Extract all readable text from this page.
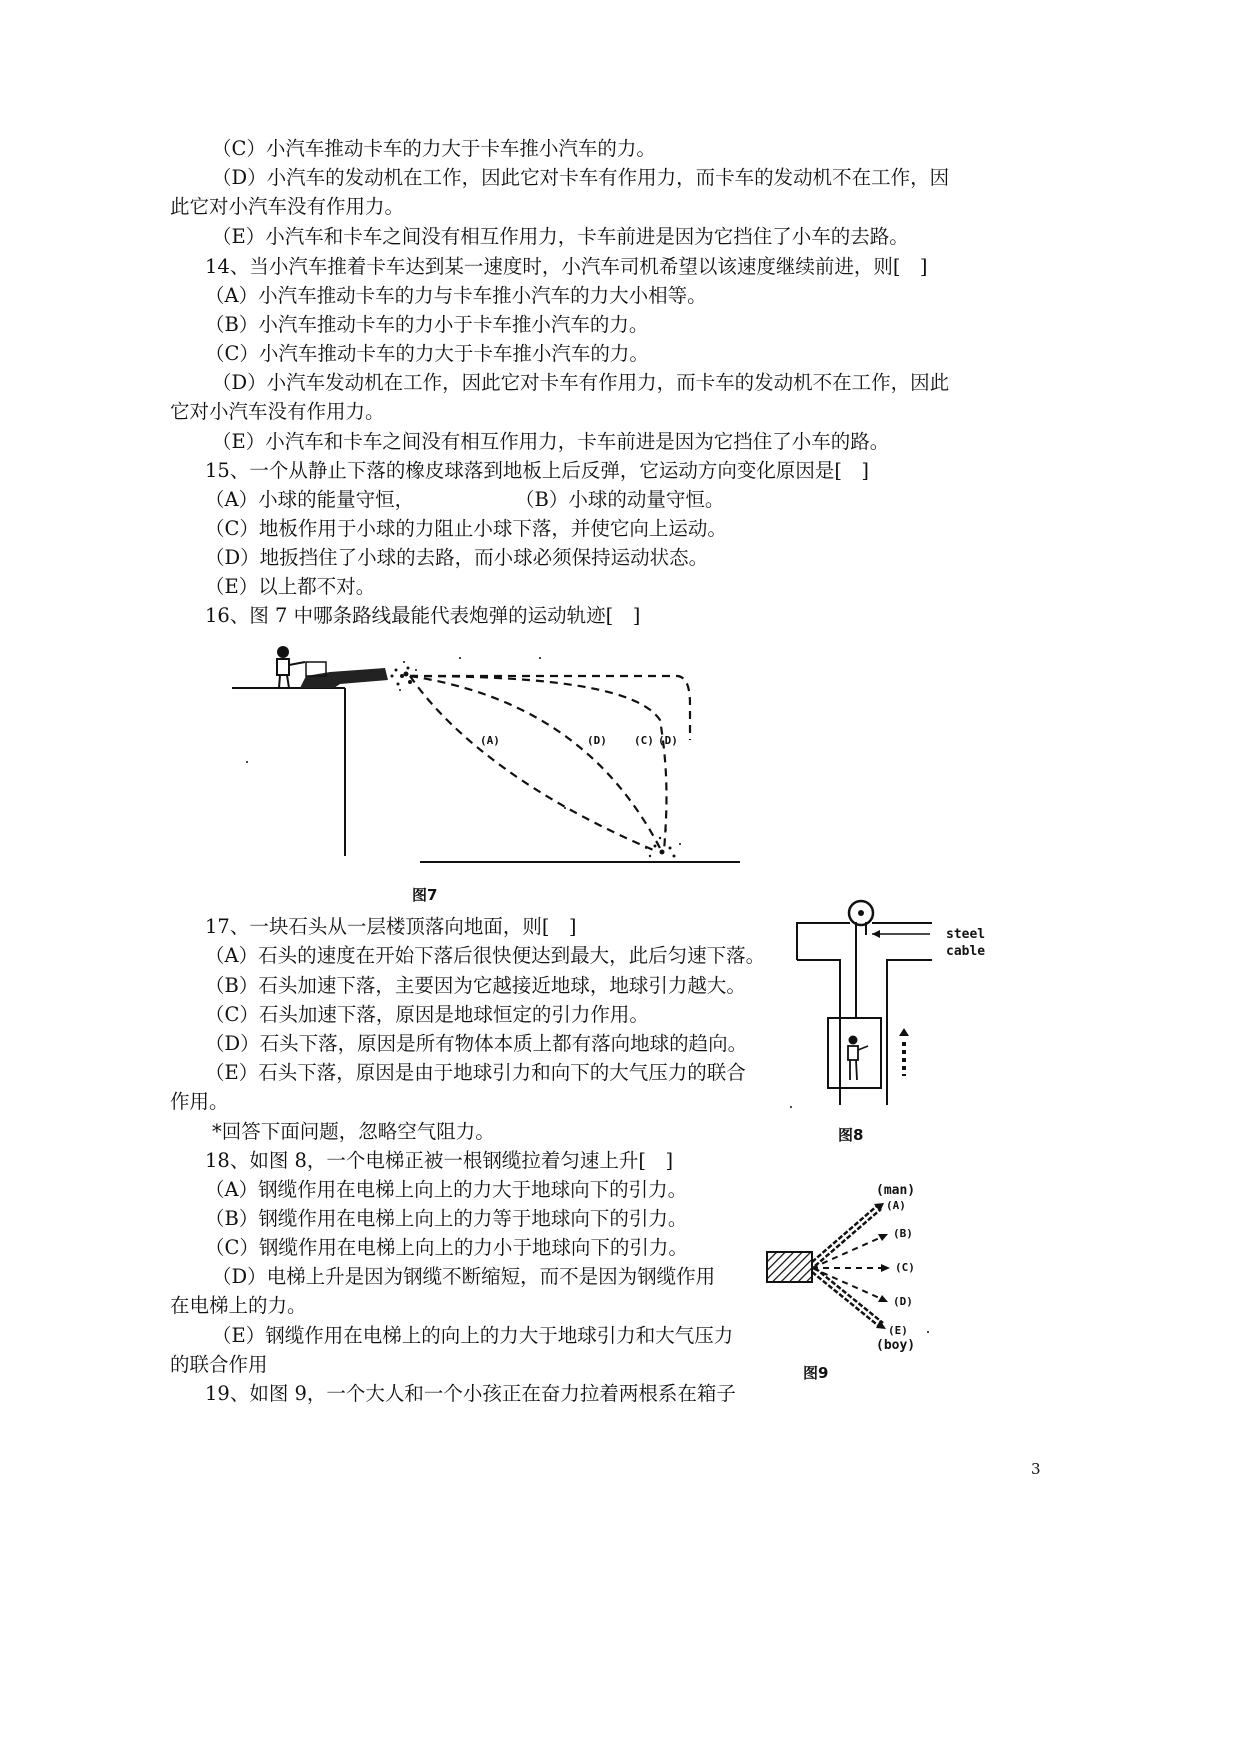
（C）小汽车推动卡车的力大于卡车推小汽车的力。
（D）小汽车的发动机在工作，因此它对卡车有作用力，而卡车的发动机不在工作，因
此它对小汽车没有作用力。
（E）小汽车和卡车之间没有相互作用力，卡车前进是因为它挡住了小车的去路。
14、当小汽车推着卡车达到某一速度时，小汽车司机希望以该速度继续前进，则[　]
（A）小汽车推动卡车的力与卡车推小汽车的力大小相等。
（B）小汽车推动卡车的力小于卡车推小汽车的力。
（C）小汽车推动卡车的力大于卡车推小汽车的力。
（D）小汽车发动机在工作，因此它对卡车有作用力，而卡车的发动机不在工作，因此
它对小汽车没有作用力。
（E）小汽车和卡车之间没有相互作用力，卡车前进是因为它挡住了小车的路。
15、一个从静止下落的橡皮球落到地板上后反弹，它运动方向变化原因是[　]
（A）小球的能量守恒，	（B）小球的动量守恒。
（C）地板作用于小球的力阻止小球下落，并使它向上运动。
（D）地扳挡住了小球的去路，而小球必须保持运动状态。
（E）以上都不对。
16、图 7 中哪条路线最能代表炮弹的运动轨迹[　]
17、一块石头从一层楼顶落向地面，则[　]
（A）石头的速度在开始下落后很快便达到最大，此后匀速下落。
（B）石头加速下落，主要因为它越接近地球，地球引力越大。
（C）石头加速下落，原因是地球恒定的引力作用。
（D）石头下落，原因是所有物体本质上都有落向地球的趋向。
（E）石头下落，原因是由于地球引力和向下的大气压力的联合
作用。
*回答下面问题，忽略空气阻力。
18、如图 8，一个电梯正被一根钢缆拉着匀速上升[　]
（A）钢缆作用在电梯上向上的力大于地球向下的引力。
（B）钢缆作用在电梯上向上的力等于地球向下的引力。
（C）钢缆作用在电梯上向上的力小于地球向下的引力。
（D）电梯上升是因为钢缆不断缩短，而不是因为钢缆作用
在电梯上的力。
（E）钢缆作用在电梯上的向上的力大于地球引力和大气压力
的联合作用
19、如图 9，一个大人和一个小孩正在奋力拉着两根系在箱子
(A)	(D) (C) (D)
图7
steel
cable
图8
(man)
(A)
(B)
(C)
(D)
(E)
(boy)
图9
3
